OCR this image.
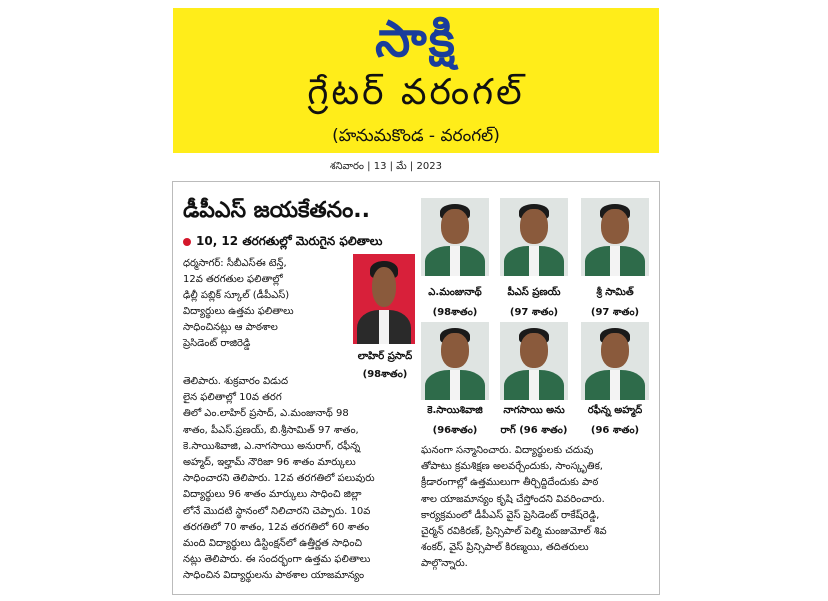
సాక్షి
గ్రేటర్ వరంగల్
(హనుమకొండ - వరంగల్)
శనివారం | 13 | మే | 2023
డీపీఎస్ జయకేతనం..
10, 12 తరగతుల్లో మెరుగైన ఫలితాలు

ధర్మసాగర్: సీబీఎస్ఈ టెన్త్,

12వ తరగతుల ఫలితాల్లో

ఢిల్లీ పబ్లిక్ స్కూల్ (డీపీఎస్)

విద్యార్థులు ఉత్తమ ఫలితాలు

సాధించినట్లు ఆ పాఠశాల

ప్రెసిడెంట్ రాజిరెడ్డి

లాహిర్ ప్రసాద్
(98శాతం)

తెలిపారు. శుక్రవారం విడుద

లైన ఫలితాల్లో 10వ తరగ

తిలో ఎం.లాహిర్ ప్రసాద్, ఎ.మంజునాథ్ 98

శాతం, పీఎస్.ప్రణయ్, బి.శ్రీసామిత్ 97 శాతం,

కె.సాయిశివాజి, ఎ.నాగసాయి అనురాగ్, రఫీన్న

అహ్మద్, ఇల్హామ్ నౌరిజా 96 శాతం మార్కులు

సాధించారని తెలిపారు. 12వ తరగతిలో పలువురు

విద్యార్థులు 96 శాతం మార్కులు సాధించి జిల్లా

లోనే మొదటి స్థానంలో నిలిచారని చెప్పారు. 10వ

తరగతిలో 70 శాతం, 12వ తరగతిలో 60 శాతం

మంది విద్యార్థులు డిస్టింక్షన్‌లో ఉత్తీర్ణత సాధించి

నట్లు తెలిపారు. ఈ సందర్భంగా ఉత్తమ ఫలితాలు

సాధించిన విద్యార్థులను పాఠశాల యాజమాన్యం

ఎ.మంజునాథ్
(98శాతం)
పీఎస్ ప్రణయ్
(97 శాతం)
శ్రీ సామిత్
(97 శాతం)
కె.సాయిశివాజి
(96శాతం)
నాగసాయి అను
రాగ్ (96 శాతం)
రఫీన్న అహ్మద్
(96 శాతం)

ఘనంగా సన్మానించారు. విద్యార్థులకు చదువు

తోపాటు క్రమశిక్షణ అలవర్చేందుకు, సాంస్కృతిక,

క్రీడారంగాల్లో ఉత్తములుగా తీర్చిద్దిదేందుకు పాఠ

శాల యాజమాన్యం కృషి చేస్తోందని వివరించారు.

కార్యక్రమంలో డీపీఎస్ వైస్ ప్రెసిడెంట్ రాకేష్‌రెడ్డి,

చైర్మన్ రవికిరణ్, ప్రిన్సిపాల్ పెల్మి మంజుమోల్ శివ

శంకర్, వైస్ ప్రిన్సిపాల్ కిరణ్మయి, తదితరులు

పాల్గొన్నారు.
